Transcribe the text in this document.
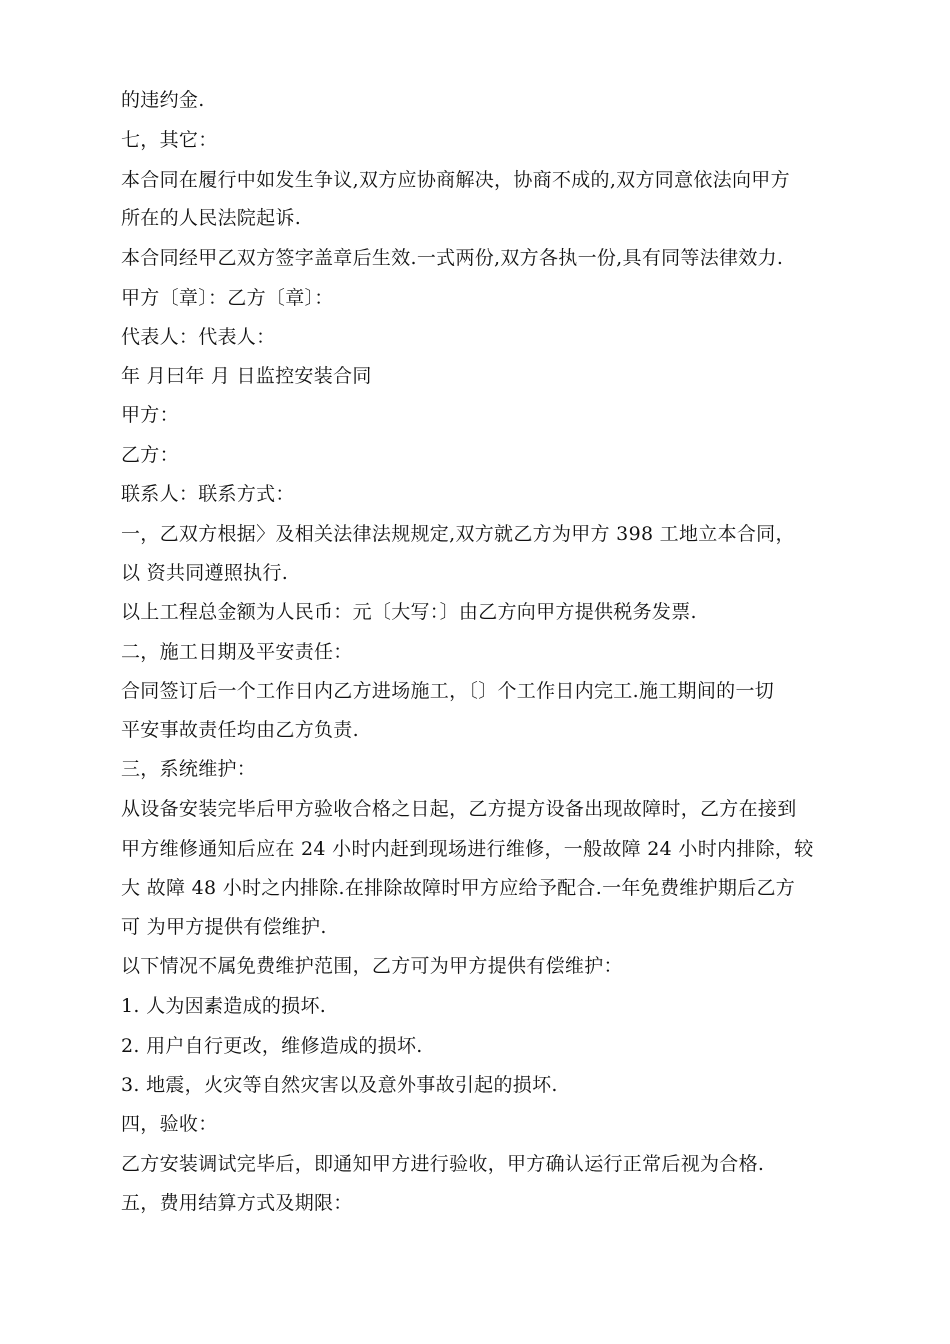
的违约金.
七，其它：
本合同在履行中如发生争议,双方应协商解决，协商不成的,双方同意依法向甲方
所在的人民法院起诉.
本合同经甲乙双方签字盖章后生效.一式两份,双方各执一份,具有同等法律效力.
甲方〔章〕：乙方〔章〕：
代表人：代表人：
年 月曰年 月 日监控安装合同
甲方：
乙方：
联系人：联系方式：
一，乙双方根据〉及相关法律法规规定,双方就乙方为甲方 398 工地立本合同，
以 资共同遵照执行.
以上工程总金额为人民币：元〔大写：〕由乙方向甲方提供税务发票.
二，施工日期及平安责任：
合同签订后一个工作日内乙方进场施工，〔〕个工作日内完工.施工期间的一切
平安事故责任均由乙方负责.
三，系统维护：
从设备安装完毕后甲方验收合格之日起，乙方提方设备出现故障时，乙方在接到
甲方维修通知后应在 24 小时内赶到现场进行维修，一般故障 24 小时内排除，较
大 故障 48 小时之内排除.在排除故障时甲方应给予配合.一年免费维护期后乙方
可 为甲方提供有偿维护.
以下情况不属免费维护范围，乙方可为甲方提供有偿维护：
1. 人为因素造成的损坏.
2. 用户自行更改，维修造成的损坏.
3. 地震，火灾等自然灾害以及意外事故引起的损坏.
四，验收：
乙方安装调试完毕后，即通知甲方进行验收，甲方确认运行正常后视为合格.
五，费用结算方式及期限：
